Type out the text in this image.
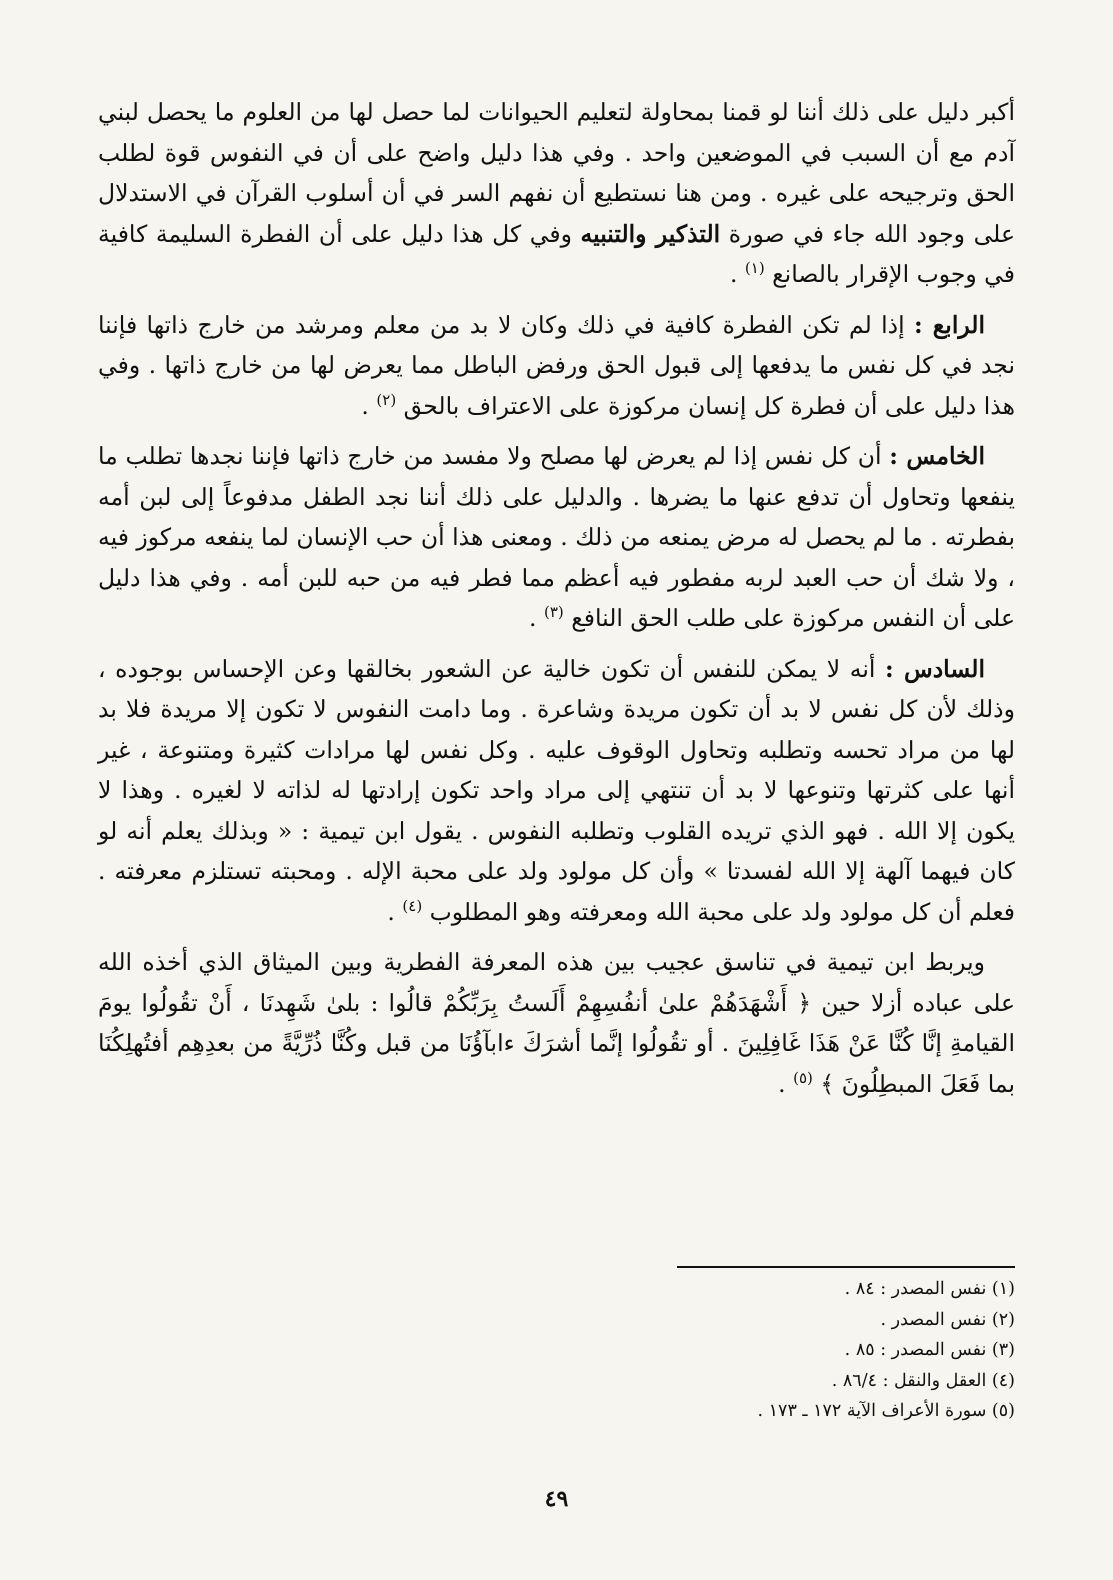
أكبر دليل على ذلك أننا لو قمنا بمحاولة لتعليم الحيوانات لما حصل لها من العلوم ما يحصل لبني آدم مع أن السبب في الموضعين واحد . وفي هذا دليل واضح على أن في النفوس قوة لطلب الحق وترجيحه على غيره . ومن هنا نستطيع أن نفهم السر في أن أسلوب القرآن في الاستدلال على وجود الله جاء في صورة التذكير والتنبيه وفي كل هذا دليل على أن الفطرة السليمة كافية في وجوب الإقرار بالصانع $^{(١)}$ .

الرابع : إذا لم تكن الفطرة كافية في ذلك وكان لا بد من معلم ومرشد من خارج ذاتها فإننا نجد في كل نفس ما يدفعها إلى قبول الحق ورفض الباطل مما يعرض لها من خارج ذاتها . وفي هذا دليل على أن فطرة كل إنسان مركوزة على الاعتراف بالحق $^{(٢)}$ .

الخامس : أن كل نفس إذا لم يعرض لها مصلح ولا مفسد من خارج ذاتها فإننا نجدها تطلب ما ينفعها وتحاول أن تدفع عنها ما يضرها . والدليل على ذلك أننا نجد الطفل مدفوعاً إلى لبن أمه بفطرته . ما لم يحصل له مرض يمنعه من ذلك . ومعنى هذا أن حب الإنسان لما ينفعه مركوز فيه ، ولا شك أن حب العبد لربه مفطور فيه أعظم مما فطر فيه من حبه للبن أمه . وفي هذا دليل على أن النفس مركوزة على طلب الحق النافع $^{(٣)}$ .

السادس : أنه لا يمكن للنفس أن تكون خالية عن الشعور بخالقها وعن الإحساس بوجوده ، وذلك لأن كل نفس لا بد أن تكون مريدة وشاعرة . وما دامت النفوس لا تكون إلا مريدة فلا بد لها من مراد تحسه وتطلبه وتحاول الوقوف عليه . وكل نفس لها مرادات كثيرة ومتنوعة ، غير أنها على كثرتها وتنوعها لا بد أن تنتهي إلى مراد واحد تكون إرادتها له لذاته لا لغيره . وهذا لا يكون إلا الله . فهو الذي تريده القلوب وتطلبه النفوس . يقول ابن تيمية : « وبذلك يعلم أنه لو كان فيهما آلهة إلا الله لفسدتا » وأن كل مولود ولد على محبة الإله . ومحبته تستلزم معرفته . فعلم أن كل مولود ولد على محبة الله ومعرفته وهو المطلوب $^{(٤)}$ .

ويربط ابن تيمية في تناسق عجيب بين هذه المعرفة الفطرية وبين الميثاق الذي أخذه الله على عباده أزلا حين ﴿ أَشْهَدَهُمْ علىٰ أنفُسِهِمْ أَلَستُ بِرَبِّكُمْ قالُوا : بلىٰ شَهِدنَا ، أَنْ تقُولُوا يومَ القيامةِ إنَّا كُنَّا عَنْ هَذَا غَافِلِينَ . أو تقُولُوا إنَّما أشرَكَ ءابآؤُنَا من قبل وكُنَّا ذُرِّيَّةً من بعدِهِم أفتُهلِكُنَا بما فَعَلَ المبطِلُونَ ﴾ $^{(٥)}$ .

(١) نفس المصدر : ٨٤ .
(٢) نفس المصدر .
(٣) نفس المصدر : ٨٥ .
(٤) العقل والنقل : ٨٦/٤ .
(٥) سورة الأعراف الآية ١٧٢ ـ ١٧٣ .
٤٩
